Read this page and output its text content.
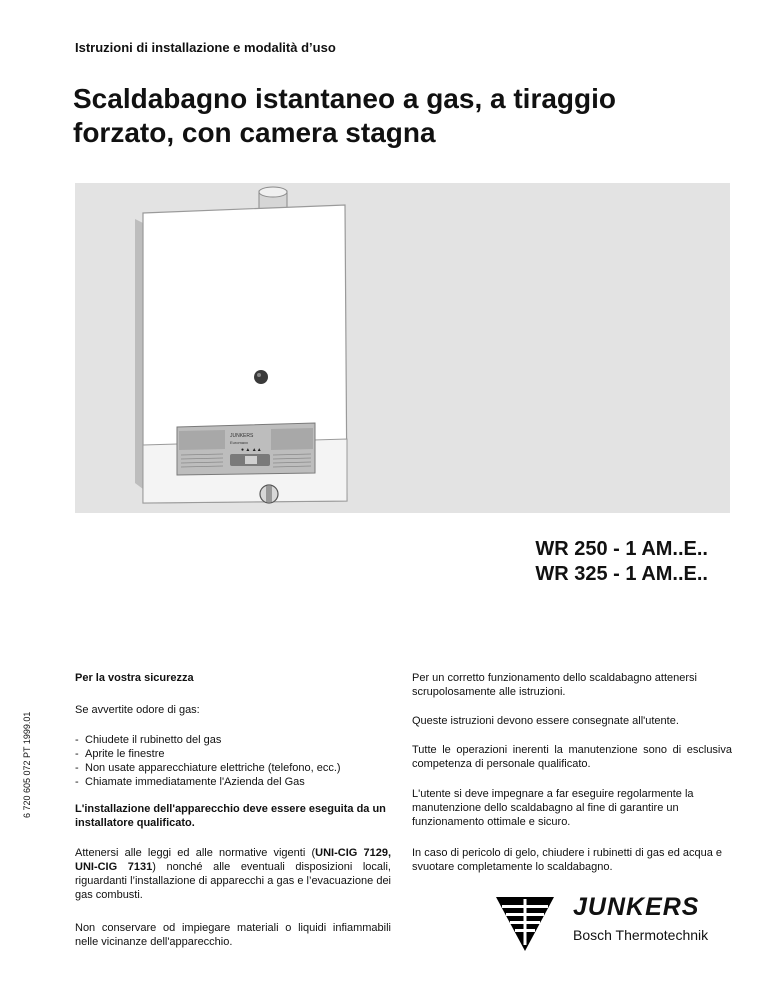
Istruzioni di installazione e modalità d’uso
Scaldabagno istantaneo a gas, a tiraggio forzato, con camera stagna
JUNKERS
Euromaxx
● ▲ ▲▲
WR 250 - 1 AM..E..
WR 325 - 1 AM..E..
6 720 605 072 PT 1999.01
Per la vostra sicurezza
Se avvertite odore di gas:
- Chiudete il rubinetto del gas
- Aprite le finestre
- Non usate apparecchiature elettriche (telefono, ecc.)
- Chiamate immediatamente l'Azienda del Gas
L'installazione dell'apparecchio deve essere eseguita da un installatore qualificato.
Attenersi alle leggi ed alle normative vigenti (UNI-CIG 7129, UNI-CIG 7131) nonché alle eventuali disposizioni locali, riguardanti l’installazione di apparecchi a gas e l’evacuazione dei gas combusti.
Non conservare od impiegare materiali o liquidi infiammabili nelle vicinanze dell'apparecchio.
Per un corretto funzionamento dello scaldabagno attenersi scrupolosamente alle istruzioni.
Queste istruzioni devono essere consegnate all'utente.
Tutte le operazioni inerenti la manutenzione sono di esclusiva competenza di personale qualificato.
L'utente si deve impegnare a far eseguire regolarmente la manutenzione dello scaldabagno al fine di garantire un funzionamento ottimale e sicuro.
In caso di pericolo di gelo, chiudere i rubinetti di gas ed acqua e svuotare completamente lo scaldabagno.
JUNKERS
Bosch Thermotechnik
